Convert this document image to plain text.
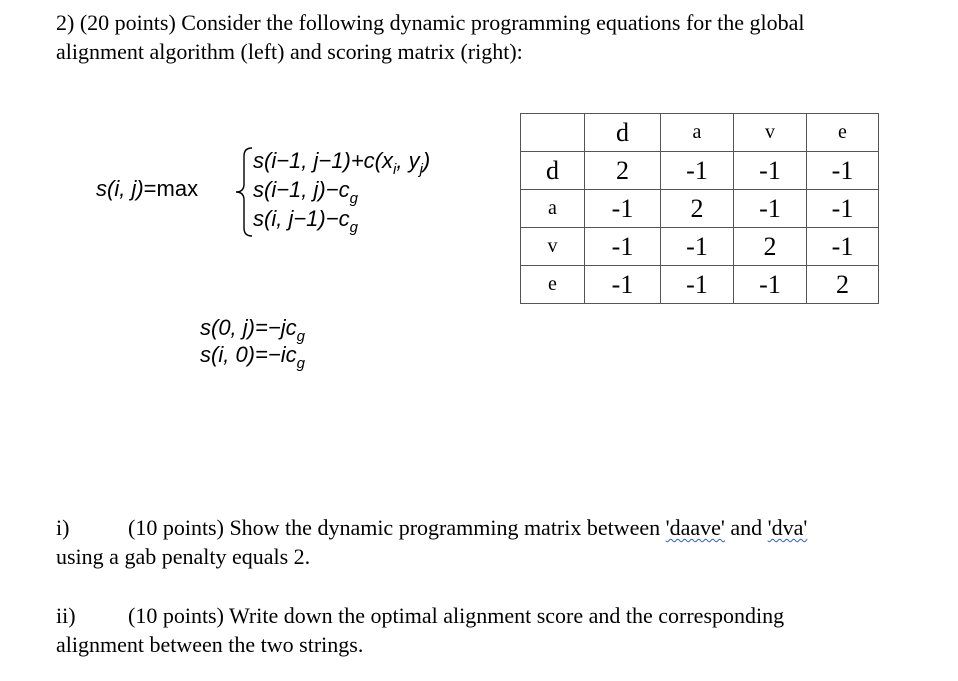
2) (20 points) Consider the following dynamic programming equations for the global
alignment algorithm (left) and scoring matrix (right):
s(i, j)=max
s(i−1, $j-1)+c(x_i$, $y_j$)
s(i−1, $j)-c_g$
s(i, $j-1)-c_g$
s(0, $j)=-jc_g$
s(i, $0)=-ic_g$
	d	a	v	e
d	2	-1	-1	-1
a	-1	2	-1	-1
v	-1	-1	2	-1
e	-1	-1	-1	2
i)	(10 points) Show the dynamic programming matrix between 'daave' and 'dva'
using a gab penalty equals 2.
ii) (10 points) Write down the optimal alignment score and the corresponding
alignment between the two strings.
